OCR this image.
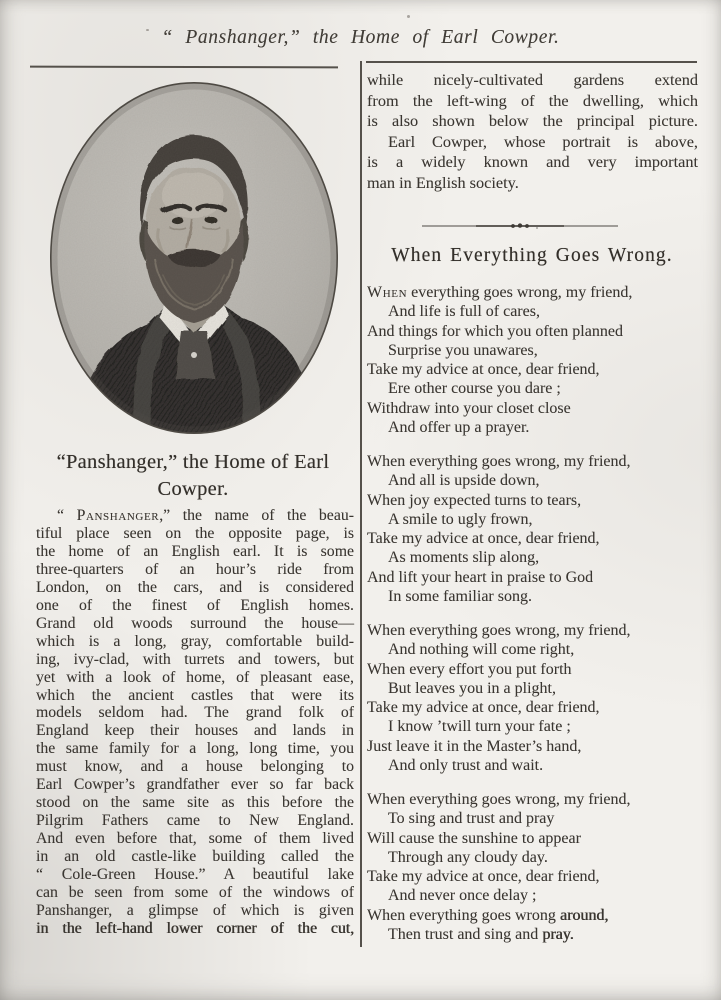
“ Panshanger,” the Home of Earl Cowper.
“Panshanger,” the Home of Earl
Cowper.
“ Panshanger,” the name of the beau-
tiful place seen on the opposite page, is
the home of an English earl. It is some
three-quarters of an hour’s ride from
London, on the cars, and is considered
one of the finest of English homes.
Grand old woods surround the house—
which is a long, gray, comfortable build-
ing, ivy-clad, with turrets and towers, but
yet with a look of home, of pleasant ease,
which the ancient castles that were its
models seldom had. The grand folk of
England keep their houses and lands in
the same family for a long, long time, you
must know, and a house belonging to
Earl Cowper’s grandfather ever so far back
stood on the same site as this before the
Pilgrim Fathers came to New England.
And even before that, some of them lived
in an old castle-like building called the
“ Cole-Green House.” A beautiful lake
can be seen from some of the windows of
Panshanger, a glimpse of which is given
in the left-hand lower corner of the cut,
while nicely-cultivated gardens extend
from the left-wing of the dwelling, which
is also shown below the principal picture.
Earl Cowper, whose portrait is above,
is a widely known and very important
man in English society.
When Everything Goes Wrong.
When everything goes wrong, my friend,
And life is full of cares,
And things for which you often planned
Surprise you unawares,
Take my advice at once, dear friend,
Ere other course you dare ;
Withdraw into your closet close
And offer up a prayer.
When everything goes wrong, my friend,
And all is upside down,
When joy expected turns to tears,
A smile to ugly frown,
Take my advice at once, dear friend,
As moments slip along,
And lift your heart in praise to God
In some familiar song.
When everything goes wrong, my friend,
And nothing will come right,
When every effort you put forth
But leaves you in a plight,
Take my advice at once, dear friend,
I know ’twill turn your fate ;
Just leave it in the Master’s hand,
And only trust and wait.
When everything goes wrong, my friend,
To sing and trust and pray
Will cause the sunshine to appear
Through any cloudy day.
Take my advice at once, dear friend,
And never once delay ;
When everything goes wrong around,
Then trust and sing and pray.
